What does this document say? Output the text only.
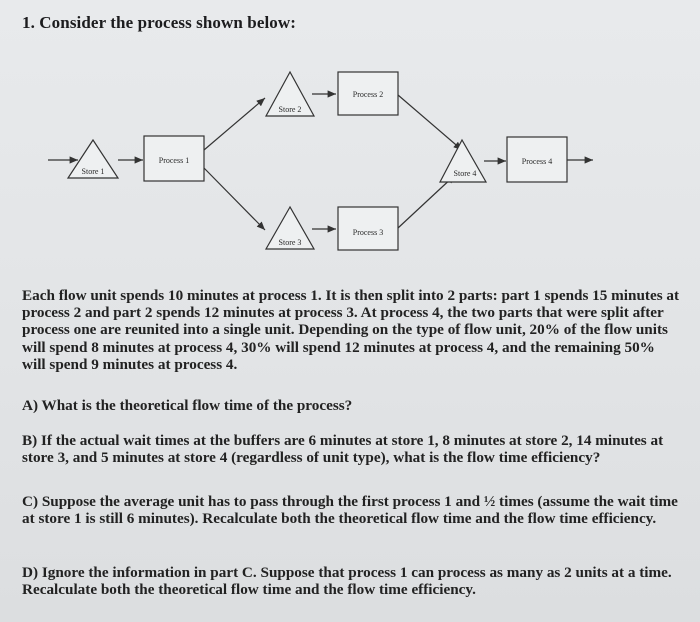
1. Consider the process shown below:
Store 1
Process 1
Store 2
Process 2
Store 3
Process 3
Store 4
Process 4

Each flow unit spends 10 minutes at process 1. It is then split into 2 parts: part 1 spends 15 minutes at process 2 and part 2 spends 12 minutes at process 3. At process 4, the two parts that were split after process one are reunited into a single unit. Depending on the type of flow unit, 20% of the flow units will spend 8 minutes at process 4, 30% will spend 12 minutes at process 4, and the remaining 50% will spend 9 minutes at process 4.

A) What is the theoretical flow time of the process?

B) If the actual wait times at the buffers are 6 minutes at store 1, 8 minutes at store 2, 14 minutes at store 3, and 5 minutes at store 4 (regardless of unit type), what is the flow time efficiency?

C) Suppose the average unit has to pass through the first process 1 and ½ times (assume the wait time at store 1 is still 6 minutes). Recalculate both the theoretical flow time and the flow time efficiency.

D) Ignore the information in part C. Suppose that process 1 can process as many as 2 units at a time. Recalculate both the theoretical flow time and the flow time efficiency.
